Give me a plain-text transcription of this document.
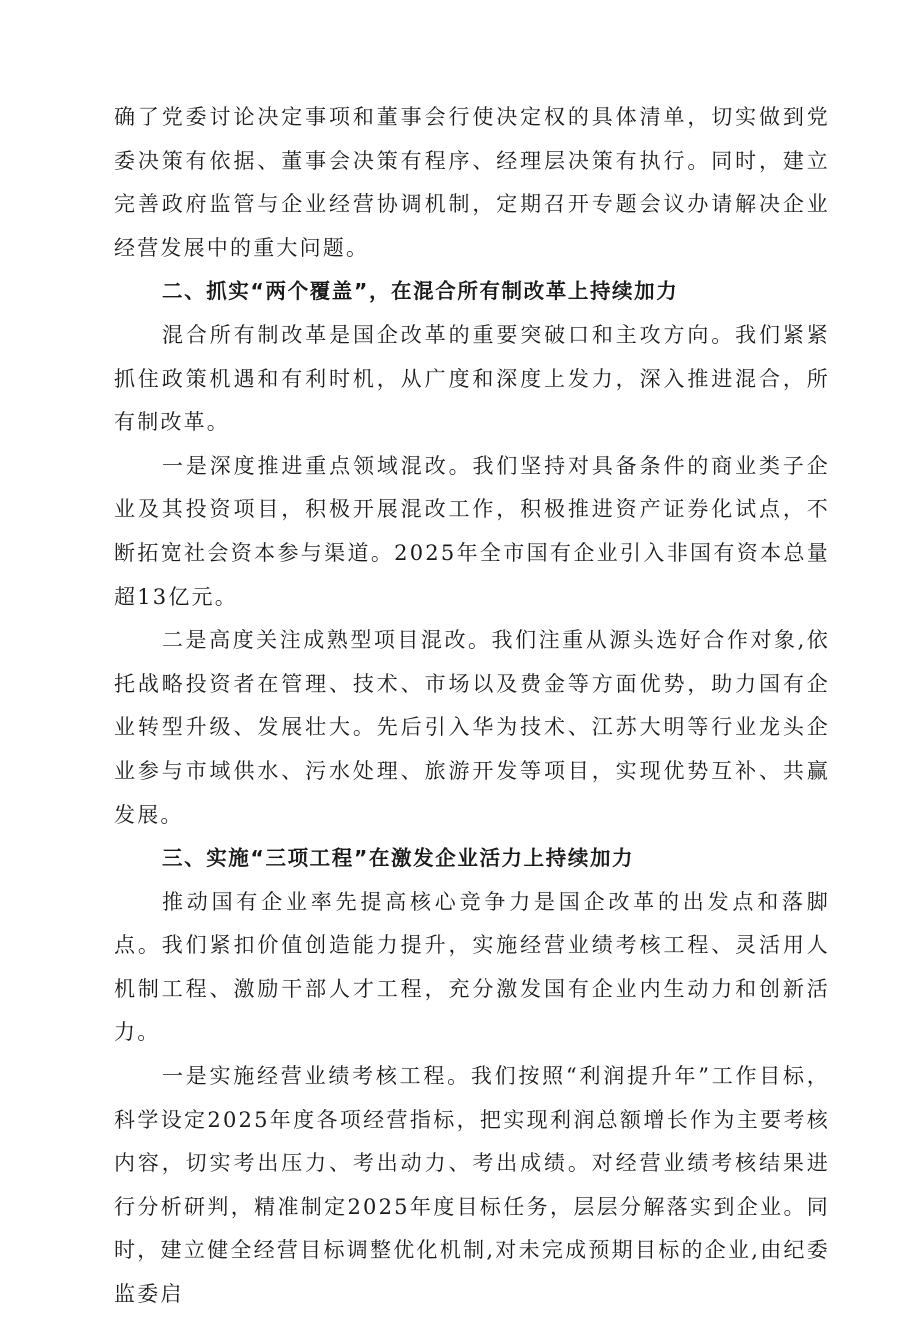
确了党委讨论决定事项和董事会行使决定权的具体清单，切实做到党委决策有依据、董事会决策有程序、经理层决策有执行。同时，建立完善政府监管与企业经营协调机制，定期召开专题会议办请解决企业经营发展中的重大问题。

二、抓实“两个覆盖”，在混合所有制改革上持续加力

混合所有制改革是国企改革的重要突破口和主攻方向。我们紧紧抓住政策机遇和有利时机，从广度和深度上发力，深入推进混合，所有制改革。

一是深度推进重点领域混改。我们坚持对具备条件的商业类子企业及其投资项目，积极开展混改工作，积极推进资产证券化试点，不断拓宽社会资本参与渠道。2025年全市国有企业引入非国有资本总量超13亿元。

二是高度关注成熟型项目混改。我们注重从源头选好合作对象,依托战略投资者在管理、技术、市场以及费金等方面优势，助力国有企业转型升级、发展壮大。先后引入华为技术、江苏大明等行业龙头企业参与市域供水、污水处理、旅游开发等项目，实现优势互补、共赢发展。

三、实施“三项工程”在激发企业活力上持续加力

推动国有企业率先提高核心竞争力是国企改革的出发点和落脚点。我们紧扣价值创造能力提升，实施经营业绩考核工程、灵活用人机制工程、激励干部人才工程，充分激发国有企业内生动力和创新活力。

一是实施经营业绩考核工程。我们按照“利润提升年”工作目标，科学设定2025年度各项经营指标，把实现利润总额增长作为主要考核内容，切实考出压力、考出动力、考出成绩。对经营业绩考核结果进行分析研判，精准制定2025年度目标任务，层层分解落实到企业。同时，建立健全经营目标调整优化机制,对未完成预期目标的企业,由纪委监委启
